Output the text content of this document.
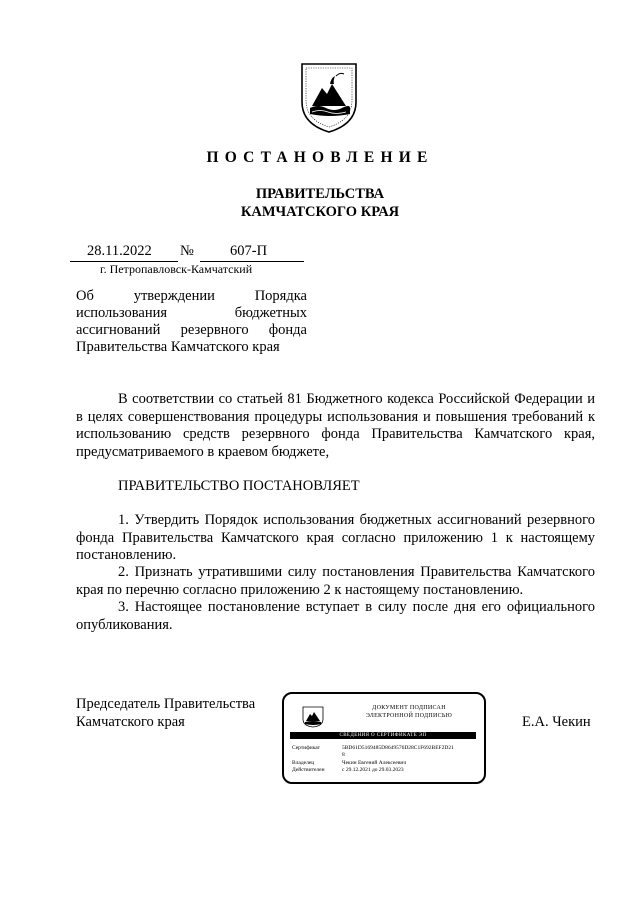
ПОСТАНОВЛЕНИЕ
ПРАВИТЕЛЬСТВА
КАМЧАТСКОГО КРАЯ
28.11.2022 № 607-П
г. Петропавловск-Камчатский
Об утверждении Порядка
использования бюджетных
ассигнований резервного фонда
Правительства Камчатского края

В соответствии со статьей 81 Бюджетного кодекса Российской Федерации и в целях совершенствования процедуры использования и повышения требований к использованию средств резервного фонда Правительства Камчатского края, предусматриваемого в краевом бюджете,

ПРАВИТЕЛЬСТВО ПОСТАНОВЛЯЕТ

1. Утвердить Порядок использования бюджетных ассигнований резервного фонда Правительства Камчатского края согласно приложению 1 к настоящему постановлению.

2. Признать утратившими силу постановления Правительства Камчатского края по перечню согласно приложению 2 к настоящему постановлению.

3. Настоящее постановление вступает в силу после дня его официального опубликования.

Председатель Правительства
Камчатского края	Е.А. Чекин
ДОКУМЕНТ ПОДПИСАН
ЭЛЕКТРОННОЙ ПОДПИСЬЮ
СВЕДЕНИЯ О СЕРТИФИКАТЕ ЭП
Сертификат	5BD61D5169485D8649576D28C1F692BEF2D21
8
Владелец	Чекин Евгений Алексеевич
Действителен	с 29.12.2021 до 29.03.2023
